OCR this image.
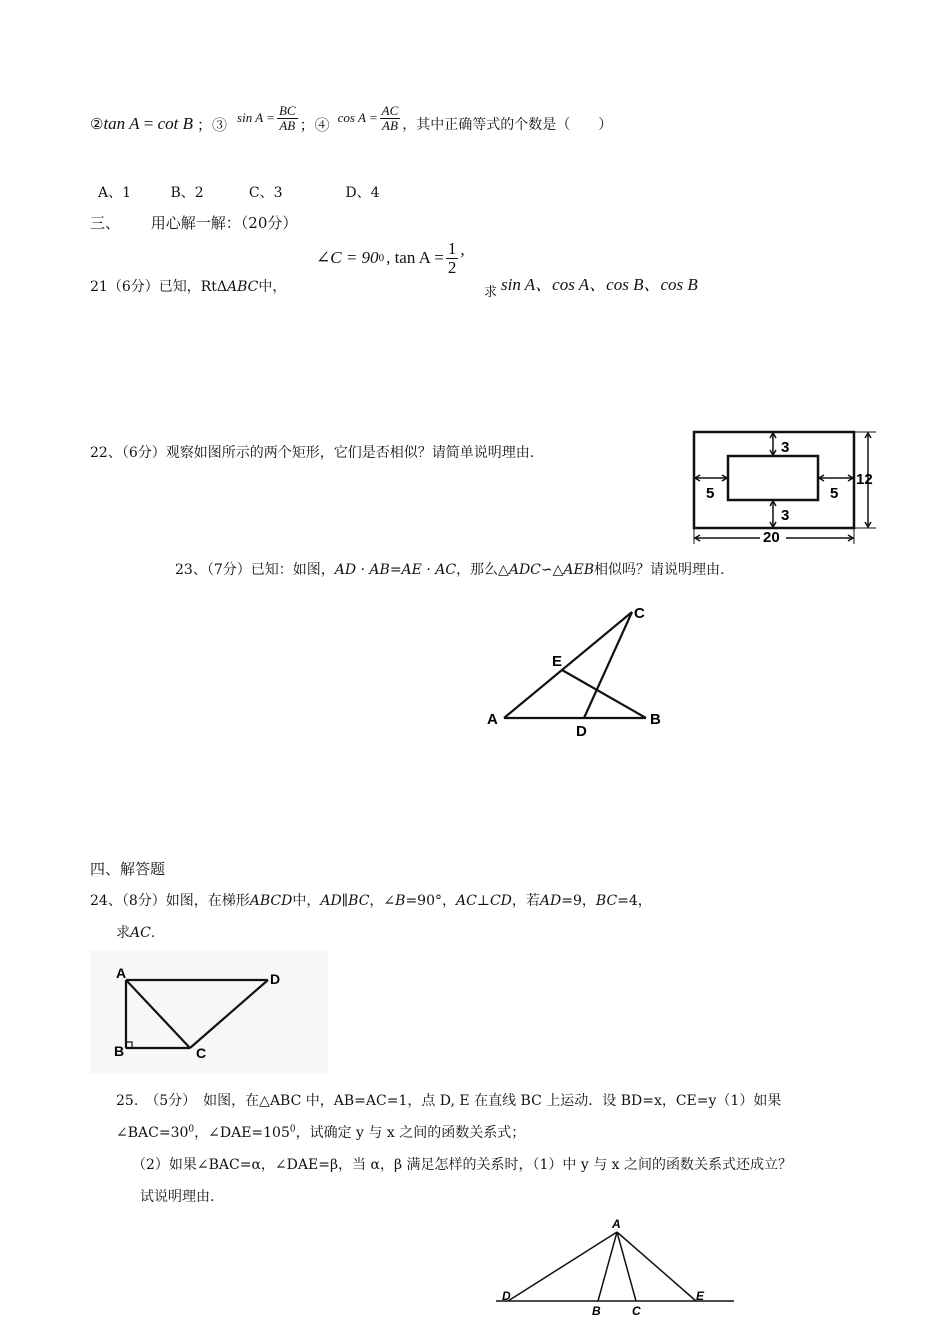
② tan A = cot B ；③ $\sin A = \frac{BC}{AB}$ ；④ $\cos A = \frac{AC}{AB}$ ，其中正确等式的个数是（　　）
A、1	B、2	C、3	D、4
三、 用心解一解：（20分）
21（6分）已知，RtΔABC中，
∠C = 90 0 , $\tan A = \frac{1}{2}$ ,
求 sin A、cos A、cos B、cos B
22、（6分）观察如图所示的两个矩形，它们是否相似？请简单说明理由.	3
5	5
12
3
20
23、（7分）已知：如图，AD · AB=AE · AC，那么△ADC∽△AEB相似吗？请说明理由.
C
E
A
D
B
四、解答题
24、（8分）如图，在梯形ABCD中，AD∥BC，∠B=90°，AC⊥CD，若AD=9，BC=4，
求AC.
A	D
B	C
25.　（5分）　如图，在△ABC 中，AB=AC=1，点 D, E 在直线 BC 上运动．设 BD=x，CE=y（1）如果
$\angle BAC=30^0$，$\angle DAE=105^0$，试确定 y 与 x 之间的函数关系式；
（2）如果∠BAC=α，∠DAE=β，当 α，β 满足怎样的关系时，（1）中 y 与 x 之间的函数关系式还成立？
试说明理由.
A
D
B	C
E
